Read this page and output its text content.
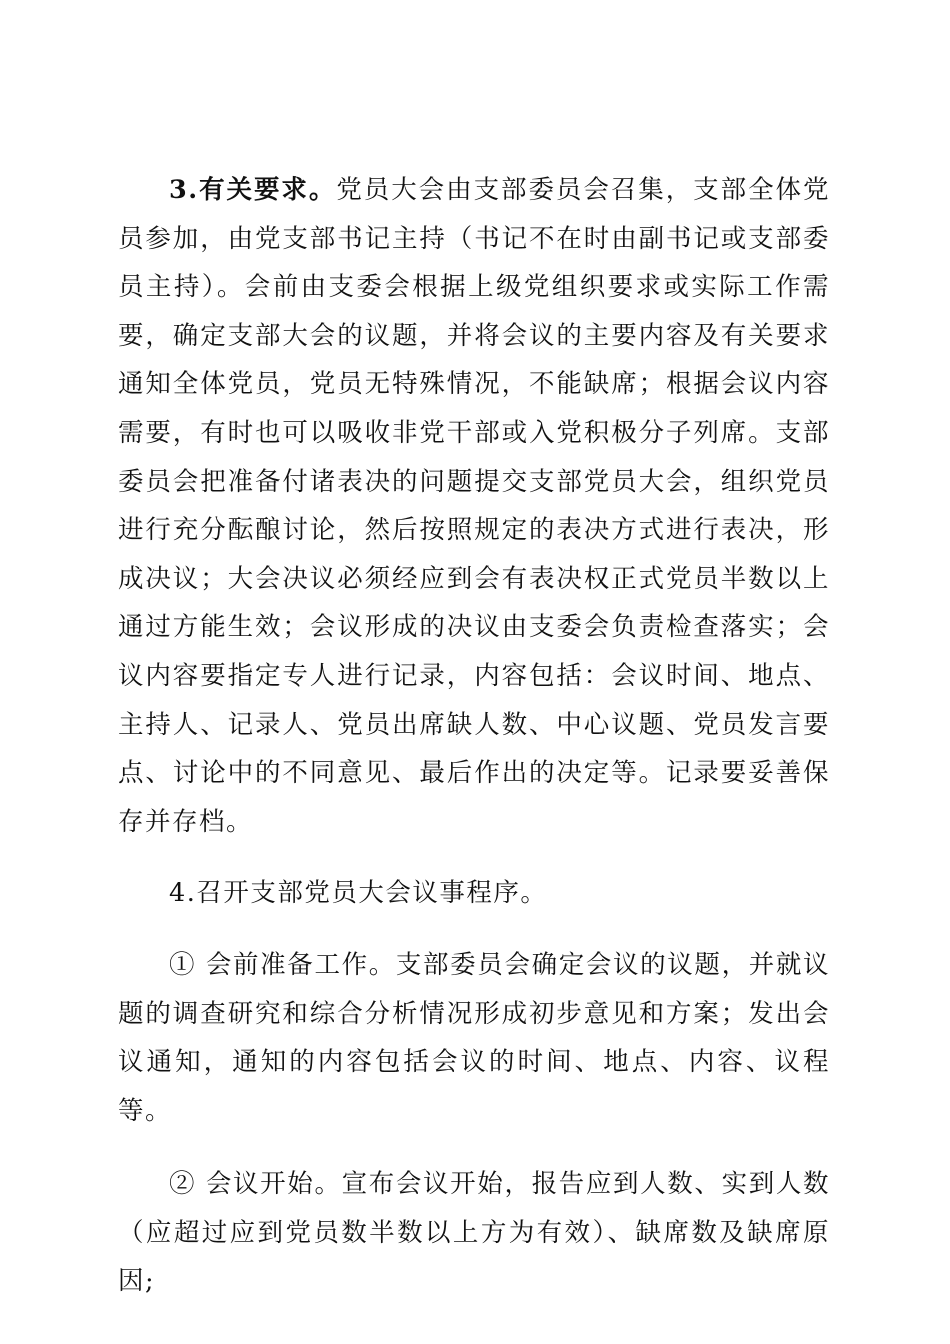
3.有关要求。党员大会由支部委员会召集，支部全体党员参加，由党支部书记主持（书记不在时由副书记或支部委员主持）。会前由支委会根据上级党组织要求或实际工作需要，确定支部大会的议题，并将会议的主要内容及有关要求通知全体党员，党员无特殊情况，不能缺席；根据会议内容需要，有时也可以吸收非党干部或入党积极分子列席。支部委员会把准备付诸表决的问题提交支部党员大会，组织党员进行充分酝酿讨论，然后按照规定的表决方式进行表决，形成决议；大会决议必须经应到会有表决权正式党员半数以上通过方能生效；会议形成的决议由支委会负责检查落实；会议内容要指定专人进行记录，内容包括：会议时间、地点、主持人、记录人、党员出席缺人数、中心议题、党员发言要点、讨论中的不同意见、最后作出的决定等。记录要妥善保存并存档。

4.召开支部党员大会议事程序。

① 会前准备工作。支部委员会确定会议的议题，并就议题的调查研究和综合分析情况形成初步意见和方案；发出会议通知，通知的内容包括会议的时间、地点、内容、议程等。

② 会议开始。宣布会议开始，报告应到人数、实到人数（应超过应到党员数半数以上方为有效）、缺席数及缺席原因;
